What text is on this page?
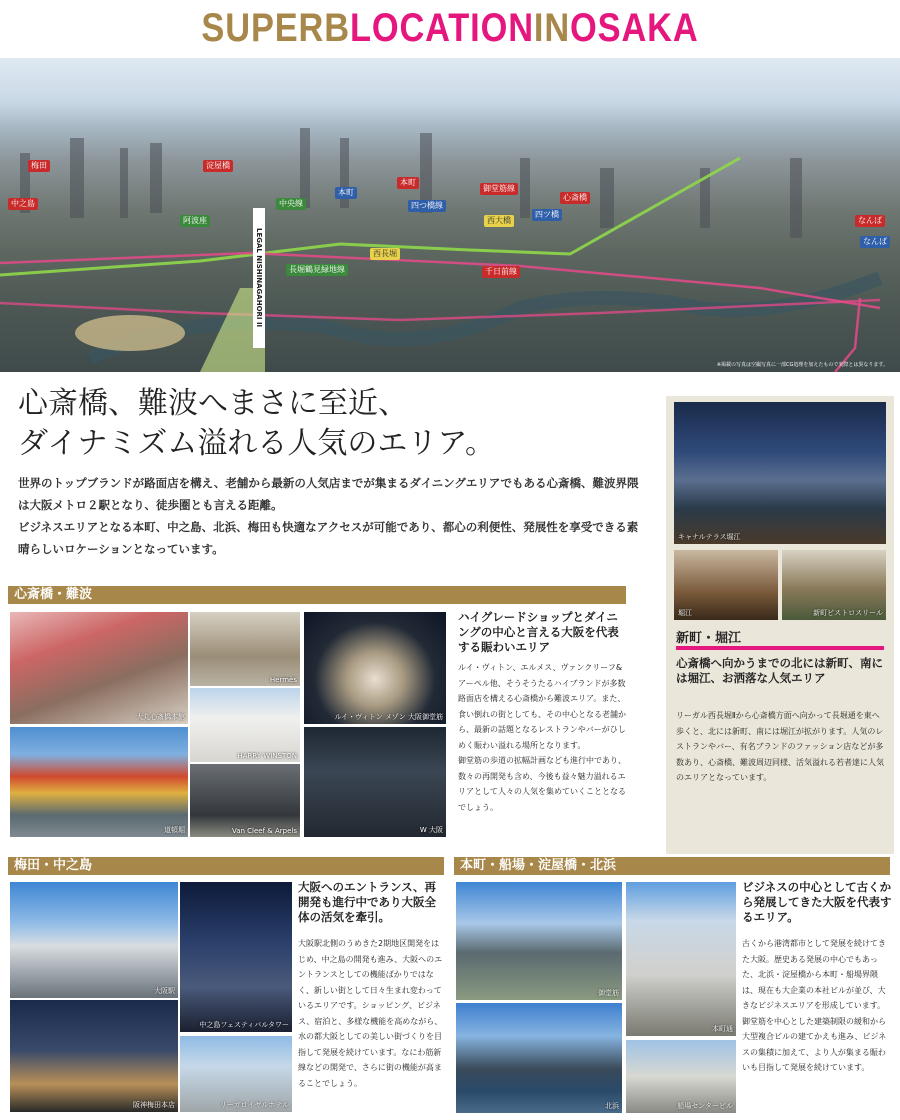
SUPERBLOCATIONINOSAKA
梅田
中之島
淀屋橋
阿波座
中央線
本町
本町
四つ橋線
御堂筋線
心斎橋
西大橋
四ツ橋
西長堀
長堀鶴見緑地線	千日前線
なんば
なんば
LEGAL NISHINAGAHORI II
※掲載の写真は空撮写真に一部CG処理を加えたもので実際とは異なります。
心斎橋、難波へまさに至近、
ダイナミズム溢れる人気のエリア。
世界のトップブランドが路面店を構え、老舗から最新の人気店までが集まるダイニングエリアでもある心斎橋、難波界隈は大阪メトロ２駅となり、徒歩圏とも言える距離。
ビジネスエリアとなる本町、中之島、北浜、梅田も快適なアクセスが可能であり、都心の利便性、発展性を享受できる素晴らしいロケーションとなっています。
心斎橋・難波
大丸心斎橋本館
Hermès
ルイ・ヴィトン メゾン 大阪御堂筋
HARRY WINSTON
道頓堀	Van Cleef & Arpels	W 大阪
ハイグレードショップとダイニングの中心と言える大阪を代表する賑わいエリア
ルイ・ヴィトン、エルメス、ヴァンクリーフ&アーペル他、そうそうたるハイブランドが多数路面店を構える心斎橋から難波エリア。また、食い倒れの街としても、その中心となる老舗から、最新の話題となるレストランやバーがひしめく賑わい溢れる場所となります。
御堂筋の歩道の拡幅計画なども進行中であり、数々の再開発も含め、今後も益々魅力溢れるエリアとして人々の人気を集めていくこととなるでしょう。
キャナルテラス堀江
堀江	新町ビストロスリール
新町・堀江
心斎橋へ向かうまでの北には新町、南には堀江、お洒落な人気エリア
リーガル西長堀Ⅱから心斎橋方面へ向かって長堀通を東へ歩くと、北には新町、南には堀江が拡がります。人気のレストランやバー、有名ブランドのファッション店などが多数あり、心斎橋、難波周辺同様、活気溢れる若者達に人気のエリアとなっています。
梅田・中之島
大阪駅
中之島フェスティバルタワー
阪神梅田本店	リーガロイヤルホテル
大阪へのエントランス、再開発も進行中であり大阪全体の活気を牽引。
大阪駅北側のうめきた2期地区開発をはじめ、中之島の開発も進み、大阪へのエントランスとしての機能ばかりではなく、新しい街として日々生まれ変わっているエリアです。ショッピング、ビジネス、宿泊と、多様な機能を高めながら、水の都大阪としての美しい街づくりを目指して発展を続けています。なにわ筋新線などの開発で、さらに街の機能が高まることでしょう。
本町・船場・淀屋橋・北浜
御堂筋
本町通
北浜	船場センタービル
ビジネスの中心として古くから発展してきた大阪を代表するエリア。
古くから港湾都市として発展を続けてきた大阪。歴史ある発展の中心でもあった、北浜・淀屋橋から本町・船場界隈は、現在も大企業の本社ビルが並び、大きなビジネスエリアを形成しています。御堂筋を中心とした建築制限の緩和から大型複合ビルの建てかえも進み、ビジネスの集積に加えて、より人が集まる賑わいも目指して発展を続けています。
